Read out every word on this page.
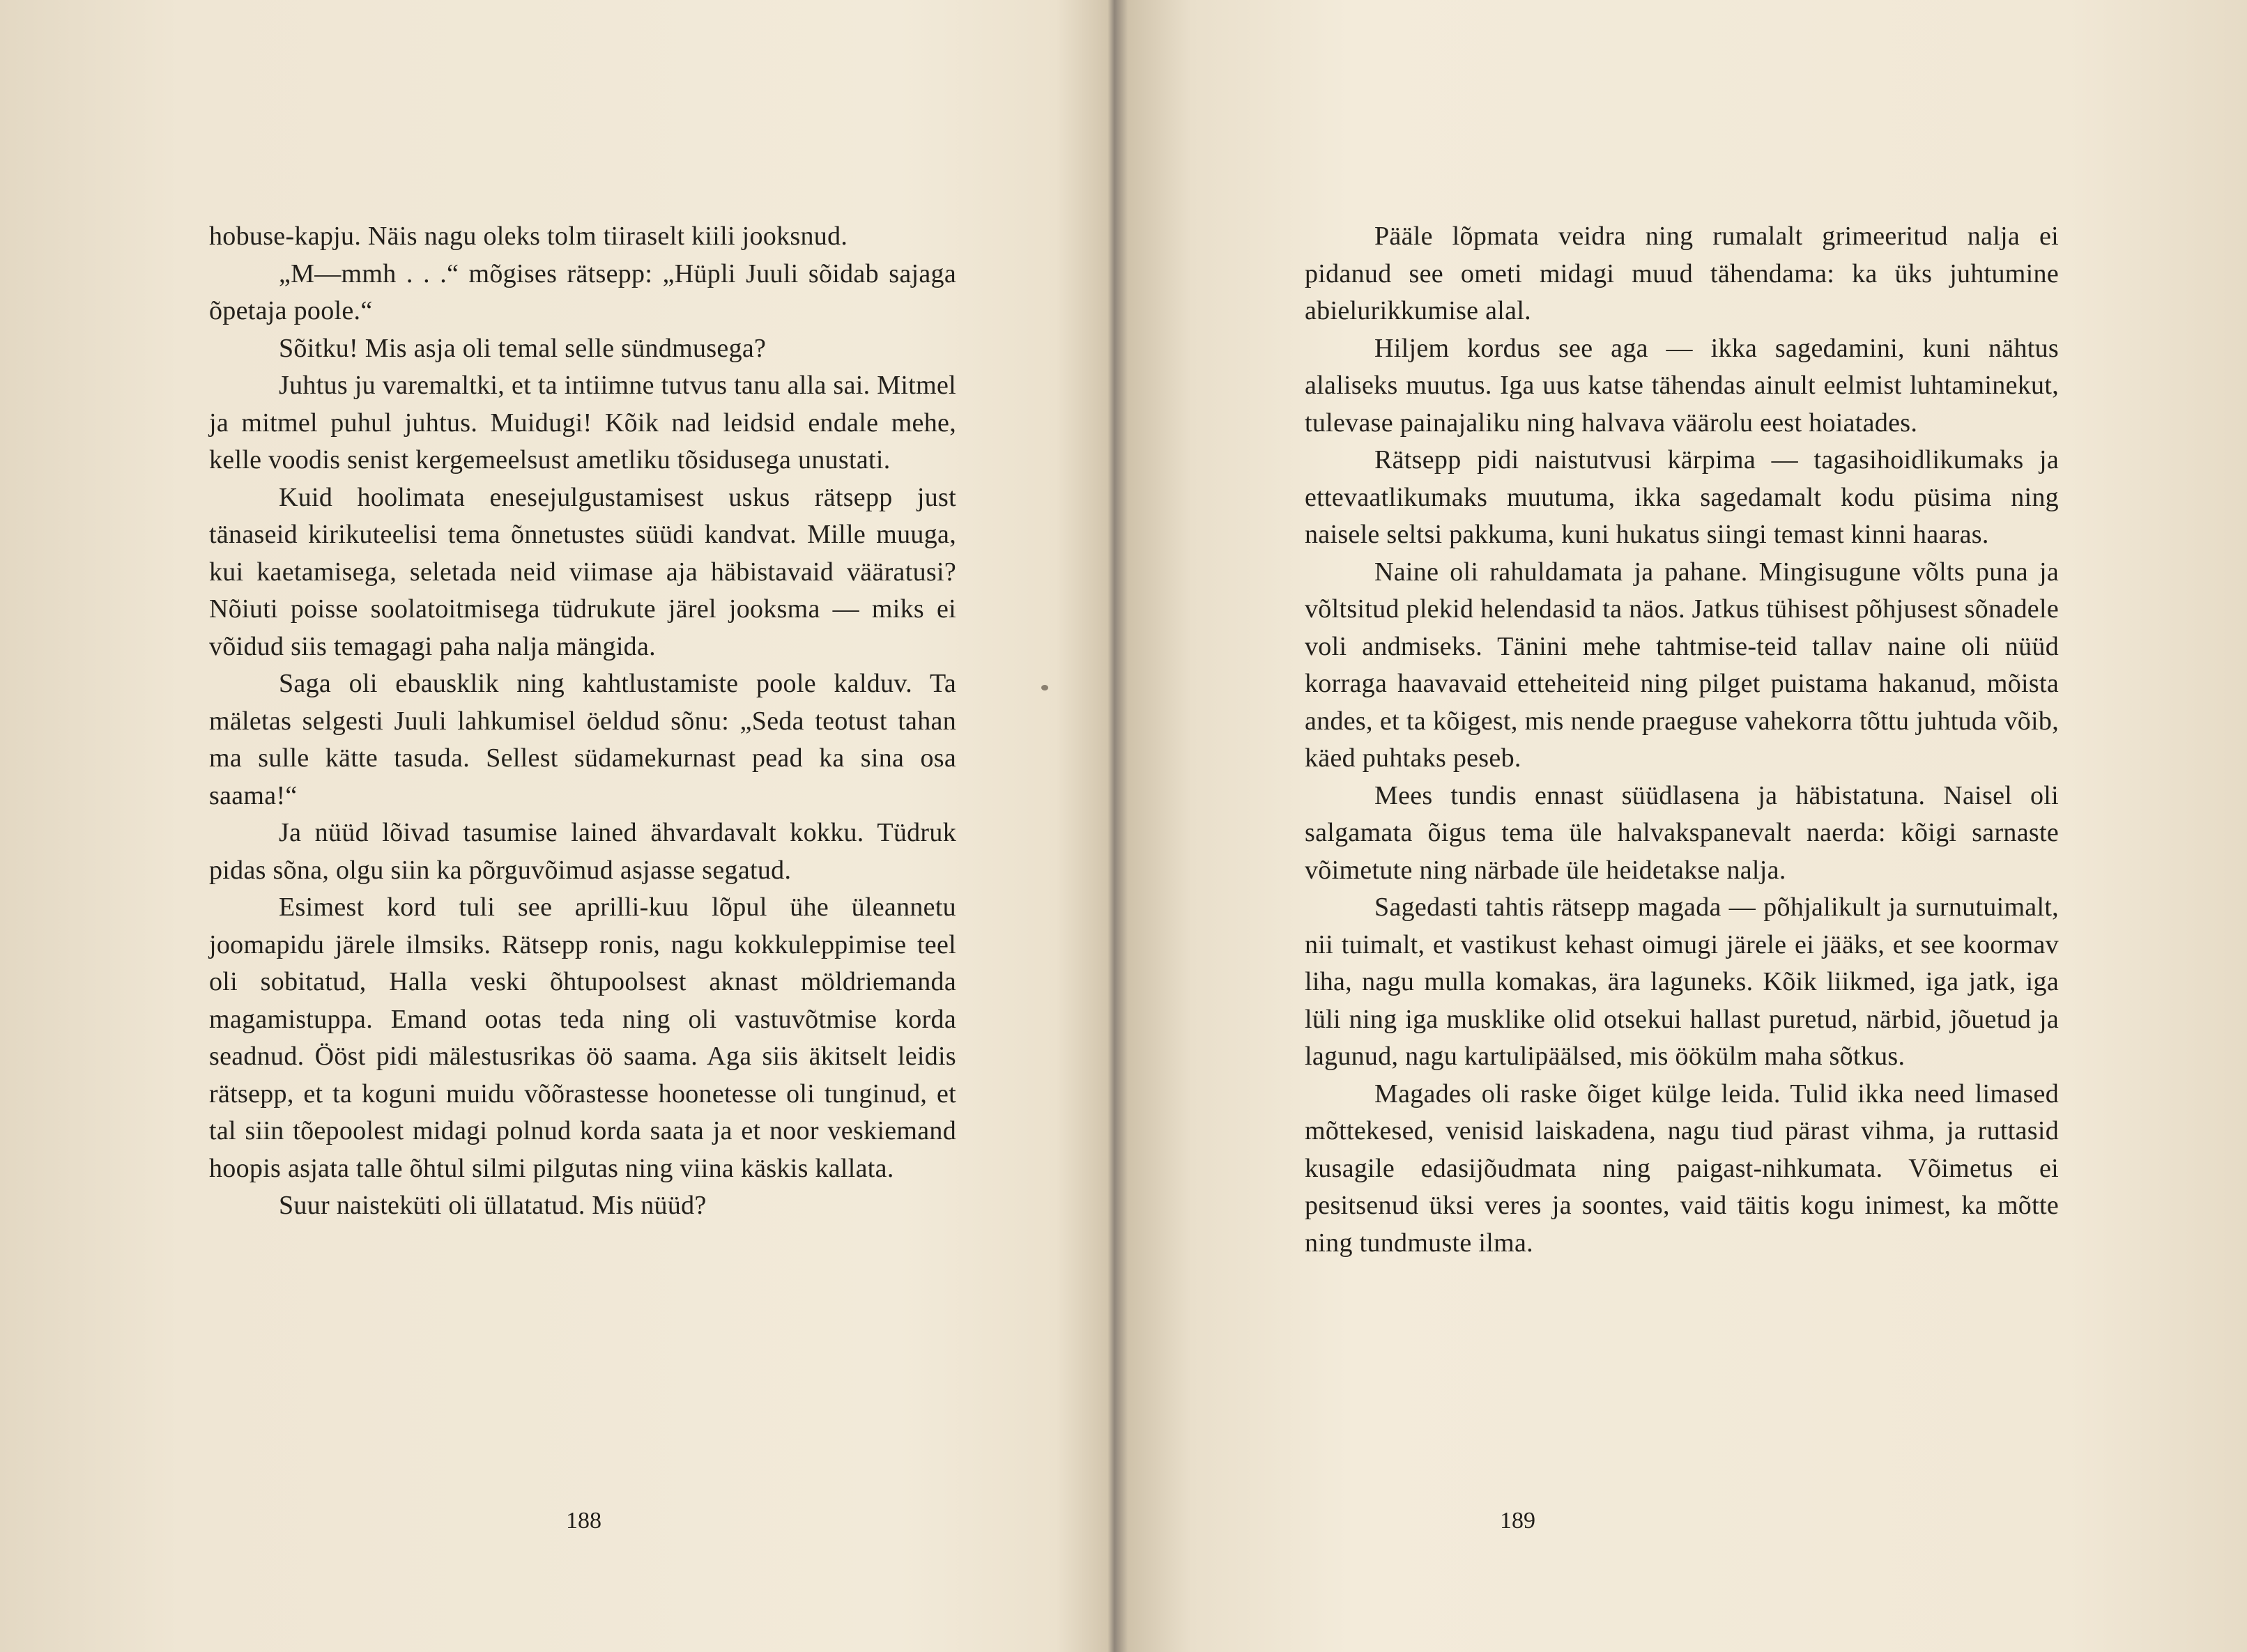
hobuse-kapju. Näis nagu oleks tolm tiiraselt kiili jooksnud.

„M—mmh . . .“ mõgises rätsepp: „Hüpli Juuli sõidab sajaga õpetaja poole.“

Sõitku! Mis asja oli temal selle sündmusega?

Juhtus ju varemaltki, et ta intiimne tutvus tanu alla sai. Mitmel ja mitmel puhul juhtus. Muidugi! Kõik nad leidsid endale mehe, kelle voodis senist kergemeelsust ametliku tõsidusega unustati.

Kuid hoolimata enesejulgustamisest uskus rätsepp just tänaseid kirikuteelisi tema õnnetustes süüdi kandvat. Mille muuga, kui kaetamisega, seletada neid viimase aja häbistavaid vääratusi? Nõiuti poisse soolatoitmisega tüdrukute järel jooksma — miks ei võidud siis temagagi paha nalja mängida.

Saga oli ebausklik ning kahtlustamiste poole kalduv. Ta mäletas selgesti Juuli lahkumisel öeldud sõnu: „Seda teotust tahan ma sulle kätte tasuda. Sellest südamekurnast pead ka sina osa saama!“

Ja nüüd lõivad tasumise lained ähvardavalt kokku. Tüdruk pidas sõna, olgu siin ka põrguvõimud asjasse segatud.

Esimest kord tuli see aprilli-kuu lõpul ühe üleannetu joomapidu järele ilmsiks. Rätsepp ronis, nagu kokkuleppimise teel oli sobitatud, Halla veski õhtupoolsest aknast möldriemanda magamistuppa. Emand ootas teda ning oli vastuvõtmise korda seadnud. Ööst pidi mälestusrikas öö saama. Aga siis äkitselt leidis rätsepp, et ta koguni muidu võõrastesse hoonetesse oli tunginud, et tal siin tõepoolest midagi polnud korda saata ja et noor veskiemand hoopis asjata talle õhtul silmi pilgutas ning viina käskis kallata.

Suur naisteküti oli üllatatud. Mis nüüd?

188

Pääle lõpmata veidra ning rumalalt grimeeritud nalja ei pidanud see ometi midagi muud tähendama: ka üks juhtumine abielurikkumise alal.

Hiljem kordus see aga — ikka sagedamini, kuni nähtus alaliseks muutus. Iga uus katse tähendas ainult eelmist luhtaminekut, tulevase painajaliku ning halvava väärolu eest hoiatades.

Rätsepp pidi naistutvusi kärpima — tagasihoidlikumaks ja ettevaatlikumaks muutuma, ikka sagedamalt kodu püsima ning naisele seltsi pakkuma, kuni hukatus siingi temast kinni haaras.

Naine oli rahuldamata ja pahane. Mingisugune võlts puna ja võltsitud plekid helendasid ta näos. Jatkus tühisest põhjusest sõnadele voli andmiseks. Tänini mehe tahtmise-teid tallav naine oli nüüd korraga haavavaid etteheiteid ning pilget puistama hakanud, mõista andes, et ta kõigest, mis nende praeguse vahekorra tõttu juhtuda võib, käed puhtaks peseb.

Mees tundis ennast süüdlasena ja häbistatuna. Naisel oli salgamata õigus tema üle halvakspanevalt naerda: kõigi sarnaste võimetute ning närbade üle heidetakse nalja.

Sagedasti tahtis rätsepp magada — põhjalikult ja surnutuimalt, nii tuimalt, et vastikust kehast oimugi järele ei jääks, et see koormav liha, nagu mulla komakas, ära laguneks. Kõik liikmed, iga jatk, iga lüli ning iga musklike olid otsekui hallast puretud, närbid, jõuetud ja lagunud, nagu kartulipäälsed, mis öökülm maha sõtkus.

Magades oli raske õiget külge leida. Tulid ikka need limased mõttekesed, venisid laiskadena, nagu tiud pärast vihma, ja ruttasid kusagile edasijõudmata ning paigast-nihkumata. Võimetus ei pesitsenud üksi veres ja soontes, vaid täitis kogu inimest, ka mõtte ning tundmuste ilma.

189
